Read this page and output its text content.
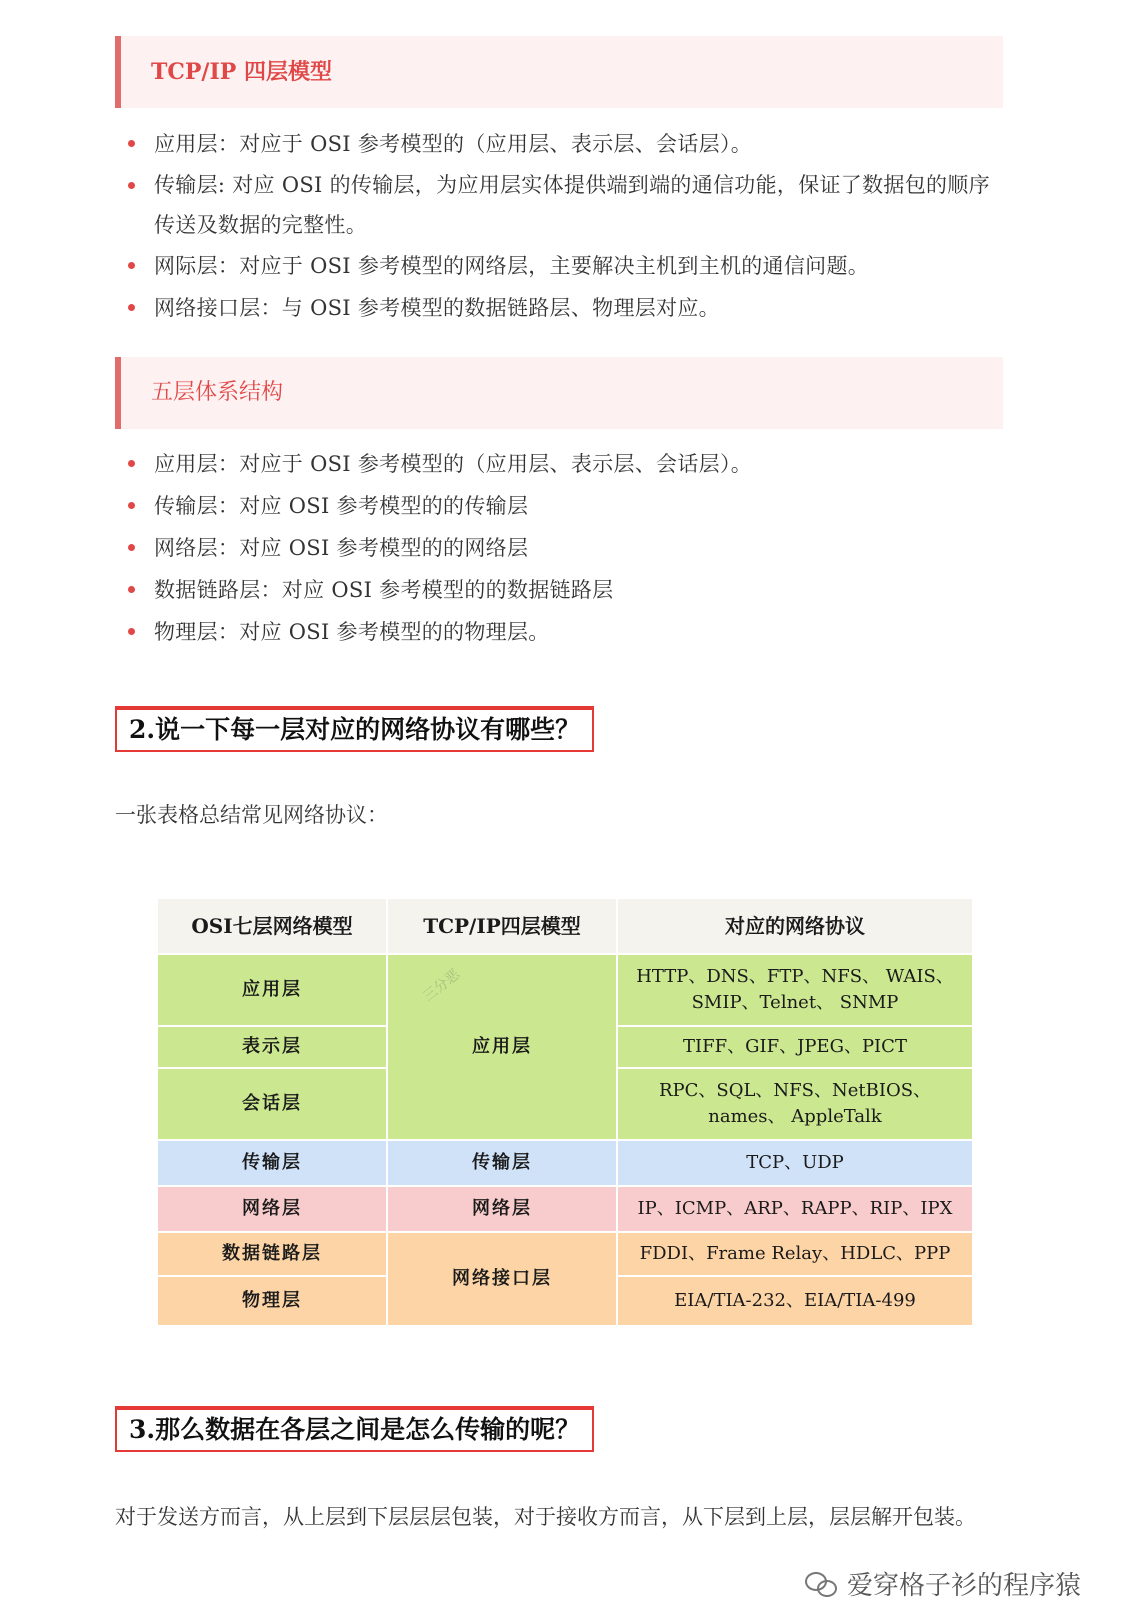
TCP/IP 四层模型
应用层：对应于 OSI 参考模型的（应用层、表示层、会话层）。
传输层: 对应 OSI 的传输层，为应用层实体提供端到端的通信功能，保证了数据包的顺序传送及数据的完整性。
网际层：对应于 OSI 参考模型的网络层，主要解决主机到主机的通信问题。
网络接口层：与 OSI 参考模型的数据链路层、物理层对应。
五层体系结构
应用层：对应于 OSI 参考模型的（应用层、表示层、会话层）。
传输层：对应 OSI 参考模型的的传输层
网络层：对应 OSI 参考模型的的网络层
数据链路层：对应 OSI 参考模型的的数据链路层
物理层：对应 OSI 参考模型的的物理层。
2.说一下每一层对应的网络协议有哪些？
一张表格总结常见网络协议：
OSI七层网络模型	TCP/IP四层模型	对应的网络协议
应用层	应用层	HTTP、DNS、FTP、NFS、 WAIS、SMIP、Telnet、 SNMP
表示层		TIFF、GIF、JPEG、PICT
会话层		RPC、SQL、NFS、NetBIOS、names、 AppleTalk
传输层	传输层	TCP、UDP
网络层	网络层	IP、ICMP、ARP、RAPP、RIP、IPX
数据链路层	网络接口层	FDDI、Frame Relay、HDLC、PPP
物理层		EIA/TIA-232、EIA/TIA-499
三分恶
3.那么数据在各层之间是怎么传输的呢？
对于发送方而言，从上层到下层层层包装，对于接收方而言，从下层到上层，层层解开包装。
爱穿格子衫的程序猿
